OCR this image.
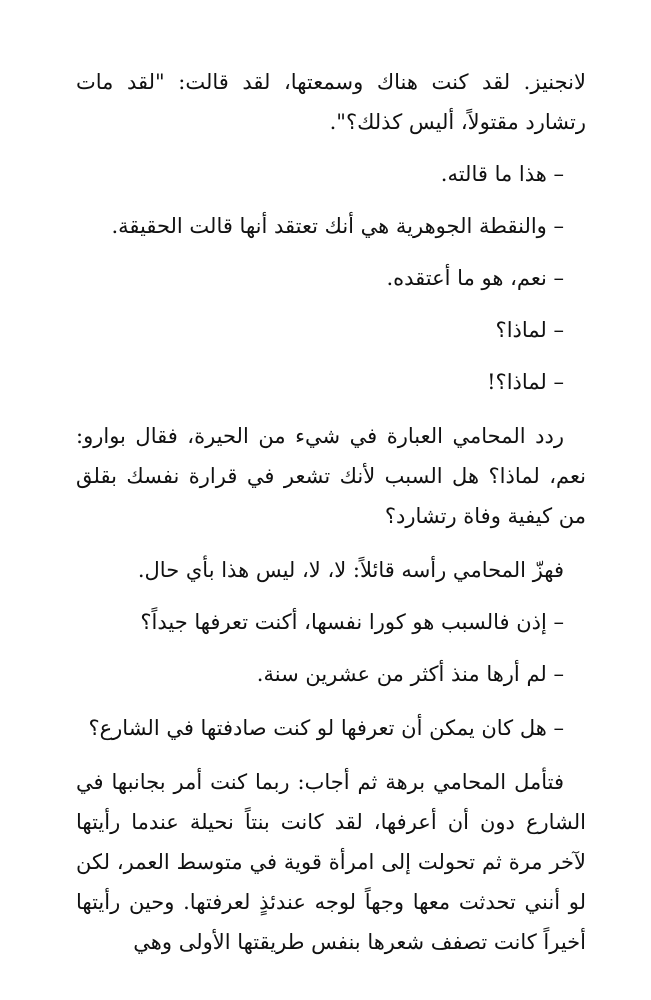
لانجنيز. لقد كنت هناك وسمعتها، لقد قالت: "لقد مات رتشارد مقتولاً، أليس كذلك؟".

– هذا ما قالته.

– والنقطة الجوهرية هي أنك تعتقد أنها قالت الحقيقة.

– نعم، هو ما أعتقده.

– لماذا؟

– لماذا؟!

ردد المحامي العبارة في شيء من الحيرة، فقال بوارو: نعم، لماذا؟ هل السبب لأنك تشعر في قرارة نفسك بقلق من كيفية وفاة رتشارد؟

فهزّ المحامي رأسه قائلاً: لا، لا، ليس هذا بأي حال.

– إذن فالسبب هو كورا نفسها، أكنت تعرفها جيداً؟

– لم أرها منذ أكثر من عشرين سنة.

– هل كان يمكن أن تعرفها لو كنت صادفتها في الشارع؟

فتأمل المحامي برهة ثم أجاب: ربما كنت أمر بجانبها في الشارع دون أن أعرفها، لقد كانت بنتاً نحيلة عندما رأيتها لآخر مرة ثم تحولت إلى امرأة قوية في متوسط العمر، لكن لو أنني تحدثت معها وجهاً لوجه عندئذٍ لعرفتها. وحين رأيتها أخيراً كانت تصفف شعرها بنفس طريقتها الأولى وهي
